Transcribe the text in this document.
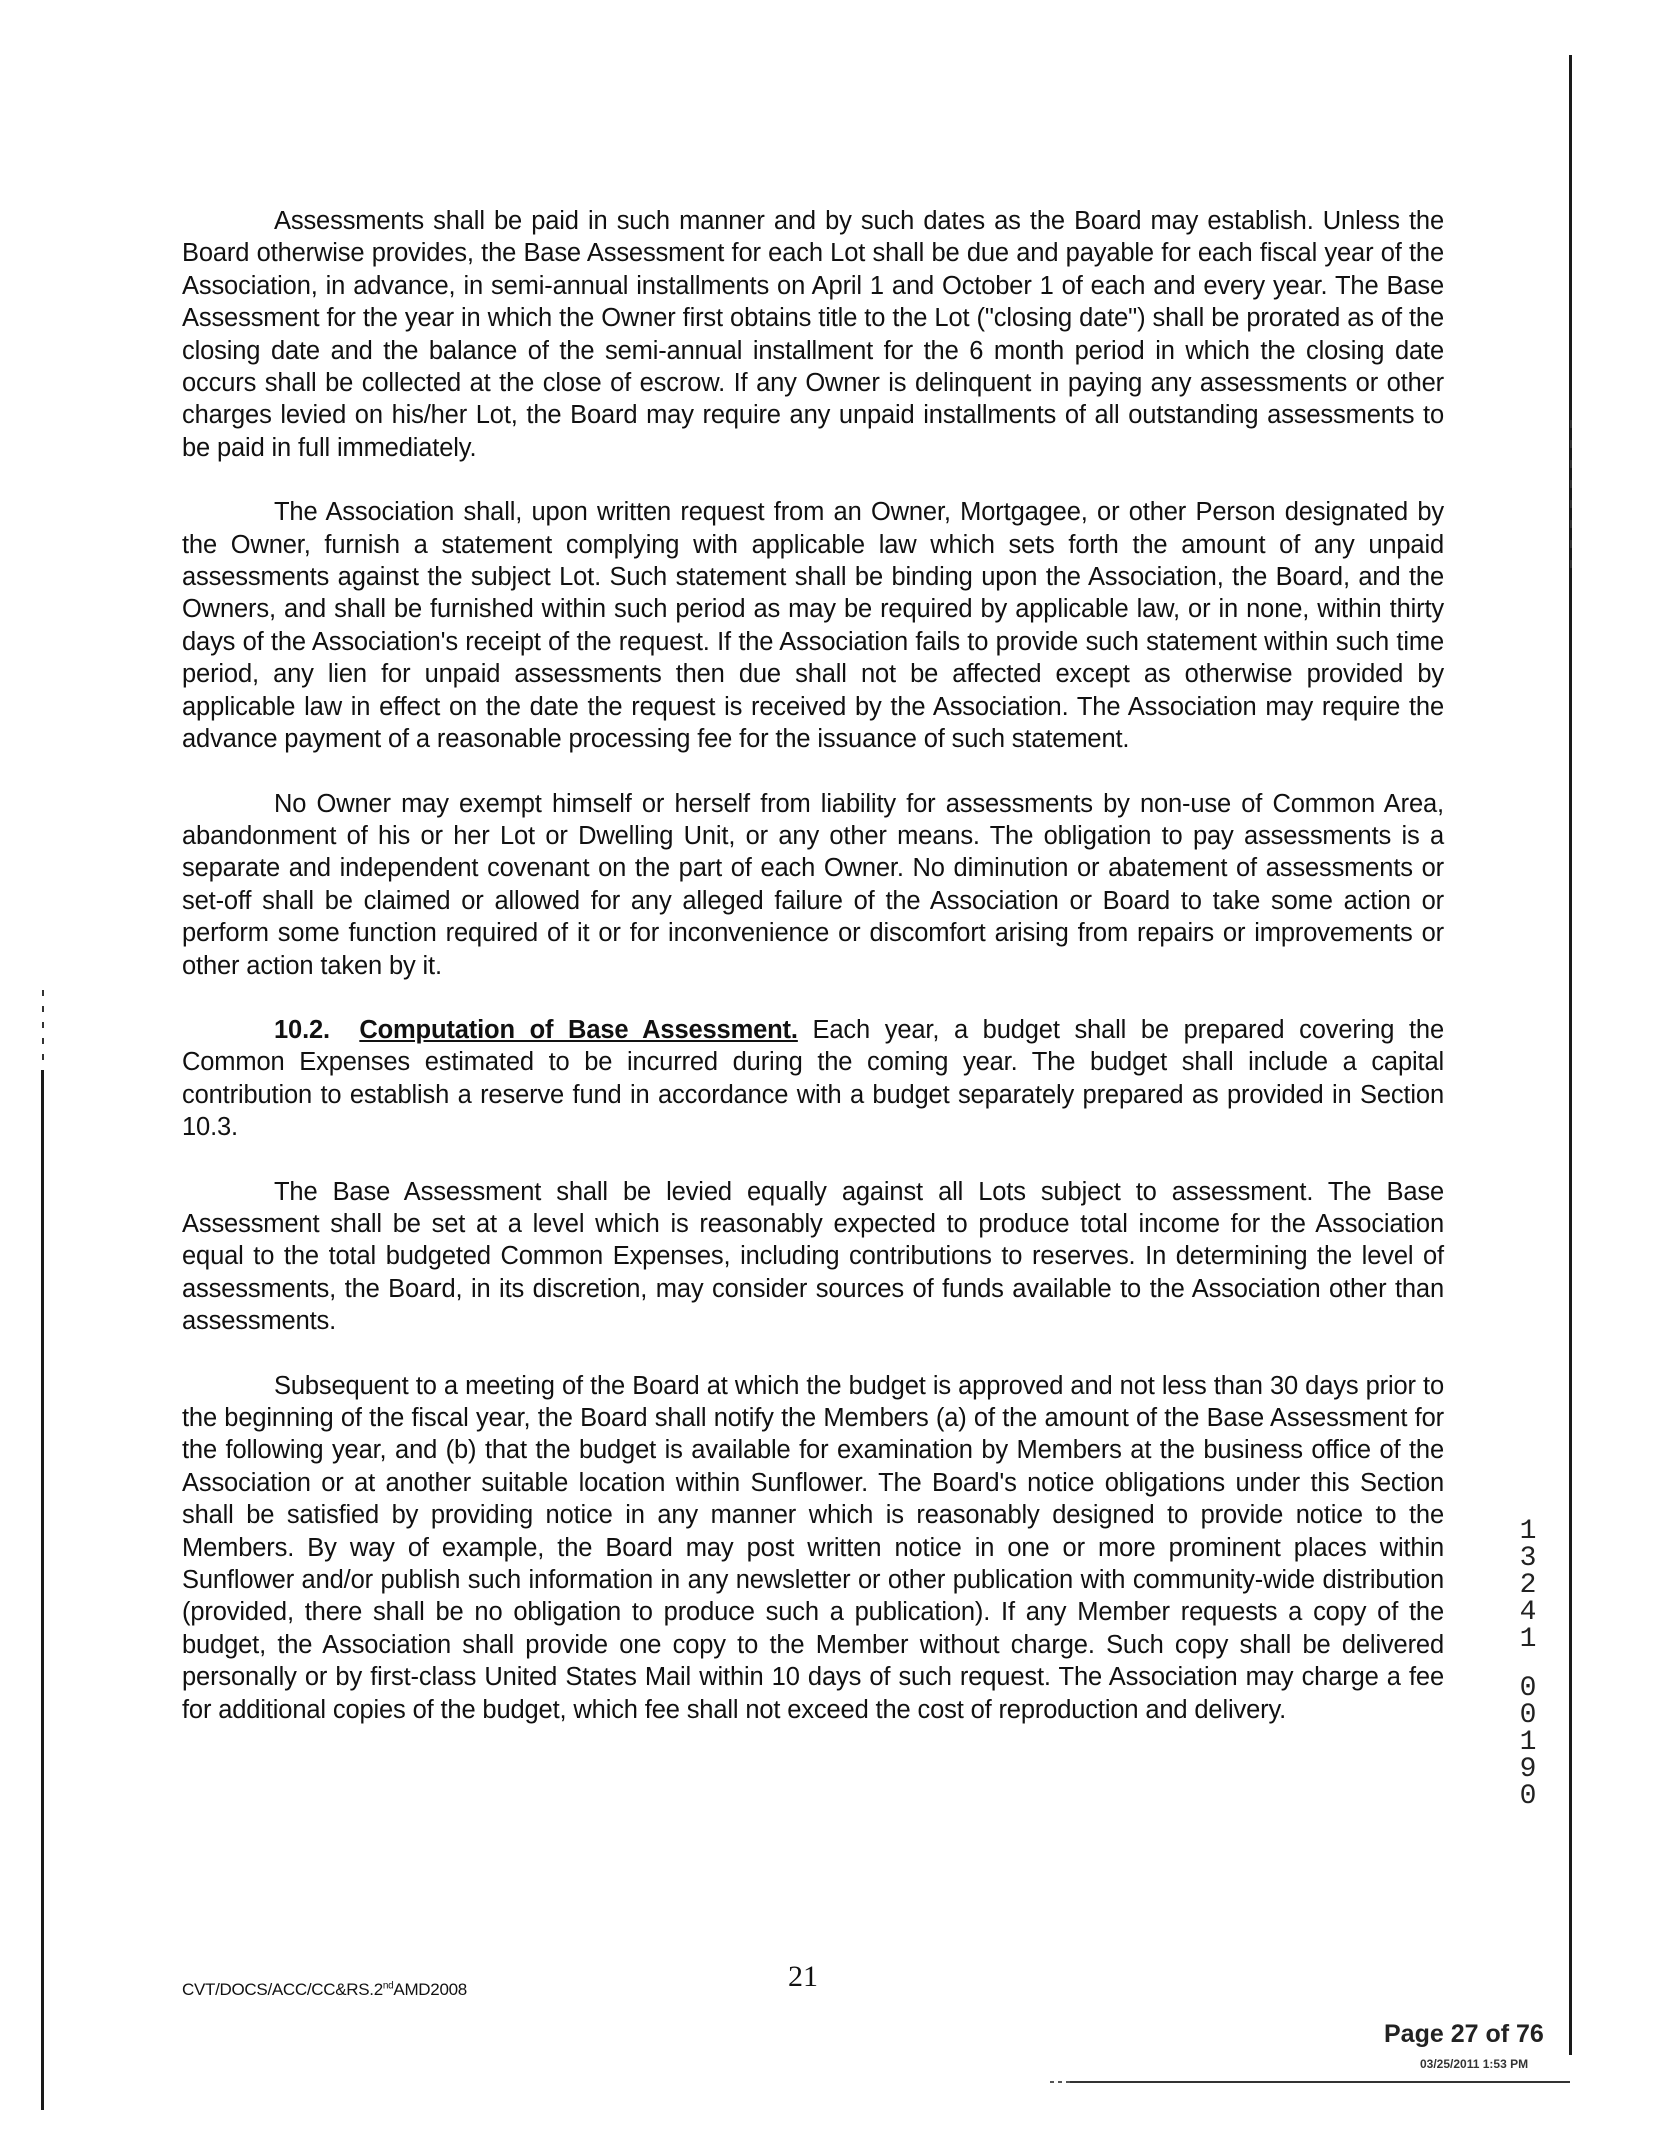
Assessments shall be paid in such manner and by such dates as the Board may establish. Unless the Board otherwise provides, the Base Assessment for each Lot shall be due and payable for each fiscal year of the Association, in advance, in semi-annual installments on April 1 and October 1 of each and every year. The Base Assessment for the year in which the Owner first obtains title to the Lot ("closing date") shall be prorated as of the closing date and the balance of the semi-annual installment for the 6 month period in which the closing date occurs shall be collected at the close of escrow. If any Owner is delinquent in paying any assessments or other charges levied on his/her Lot, the Board may require any unpaid installments of all outstanding assessments to be paid in full immediately.

The Association shall, upon written request from an Owner, Mortgagee, or other Person designated by the Owner, furnish a statement complying with applicable law which sets forth the amount of any unpaid assessments against the subject Lot. Such statement shall be binding upon the Association, the Board, and the Owners, and shall be furnished within such period as may be required by applicable law, or in none, within thirty days of the Association's receipt of the request. If the Association fails to provide such statement within such time period, any lien for unpaid assessments then due shall not be affected except as otherwise provided by applicable law in effect on the date the request is received by the Association. The Association may require the advance payment of a reasonable processing fee for the issuance of such statement.

No Owner may exempt himself or herself from liability for assessments by non-use of Common Area, abandonment of his or her Lot or Dwelling Unit, or any other means. The obligation to pay assessments is a separate and independent covenant on the part of each Owner. No diminution or abatement of assessments or set-off shall be claimed or allowed for any alleged failure of the Association or Board to take some action or perform some function required of it or for inconvenience or discomfort arising from repairs or improvements or other action taken by it.

10.2. Computation of Base Assessment. Each year, a budget shall be prepared covering the Common Expenses estimated to be incurred during the coming year. The budget shall include a capital contribution to establish a reserve fund in accordance with a budget separately prepared as provided in Section 10.3.

The Base Assessment shall be levied equally against all Lots subject to assessment. The Base Assessment shall be set at a level which is reasonably expected to produce total income for the Association equal to the total budgeted Common Expenses, including contributions to reserves. In determining the level of assessments, the Board, in its discretion, may consider sources of funds available to the Association other than assessments.

Subsequent to a meeting of the Board at which the budget is approved and not less than 30 days prior to the beginning of the fiscal year, the Board shall notify the Members (a) of the amount of the Base Assessment for the following year, and (b) that the budget is available for examination by Members at the business office of the Association or at another suitable location within Sunflower. The Board's notice obligations under this Section shall be satisfied by providing notice in any manner which is reasonably designed to provide notice to the Members. By way of example, the Board may post written notice in one or more prominent places within Sunflower and/or publish such information in any newsletter or other publication with community-wide distribution (provided, there shall be no obligation to produce such a publication). If any Member requests a copy of the budget, the Association shall provide one copy to the Member without charge. Such copy shall be delivered personally or by first-class United States Mail within 10 days of such request. The Association may charge a fee for additional copies of the budget, which fee shall not exceed the cost of reproduction and delivery.

1
3
2
4
1
0
0
1
9
0
CVT/DOCS/ACC/CC&RS.2ndAMD2008	21
Page 27 of 76
03/25/2011 1:53 PM
